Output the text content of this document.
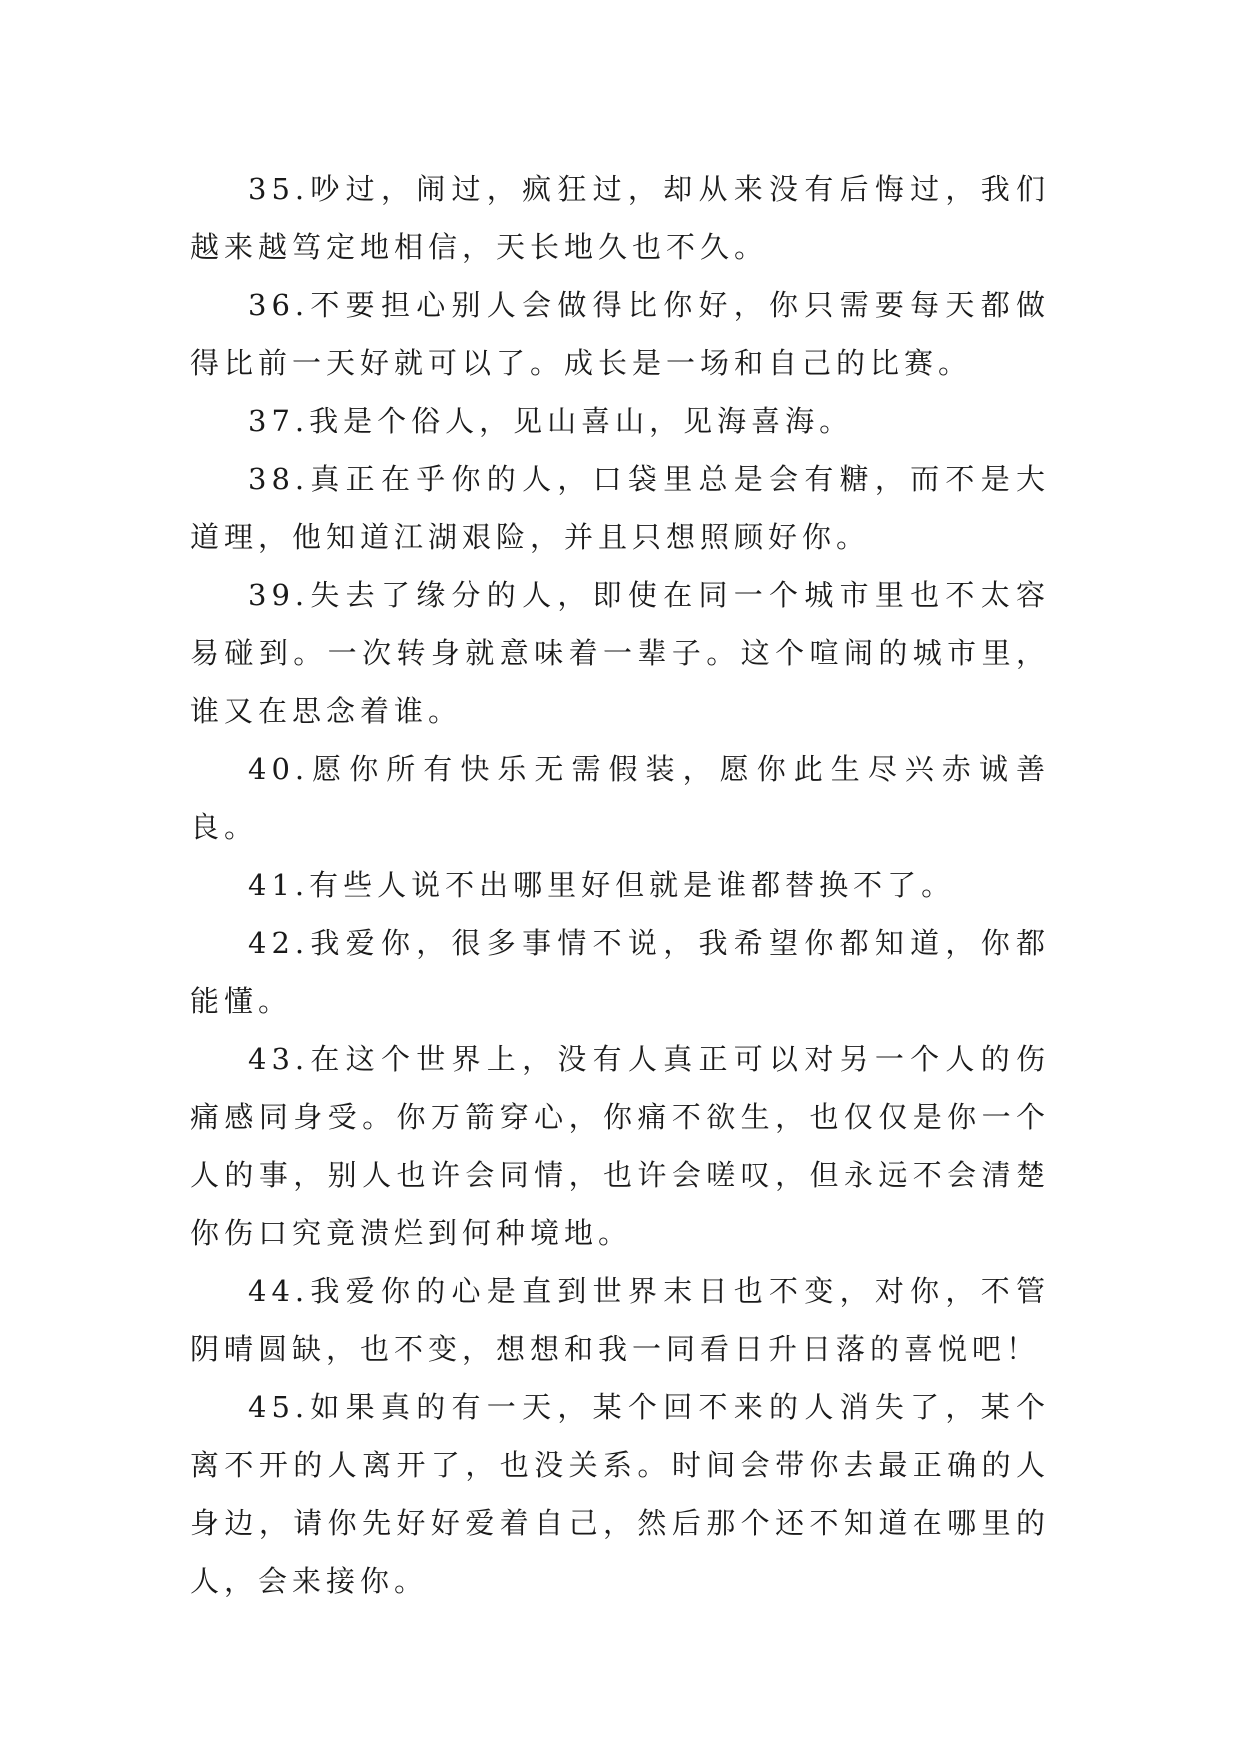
35.吵过，闹过，疯狂过，却从来没有后悔过，我们越来越笃定地相信，天长地久也不久。

36.不要担心别人会做得比你好，你只需要每天都做得比前一天好就可以了。成长是一场和自己的比赛。

37.我是个俗人，见山喜山，见海喜海。

38.真正在乎你的人，口袋里总是会有糖，而不是大道理，他知道江湖艰险，并且只想照顾好你。

39.失去了缘分的人，即使在同一个城市里也不太容易碰到。一次转身就意味着一辈子。这个喧闹的城市里，谁又在思念着谁。

40.愿你所有快乐无需假装，愿你此生尽兴赤诚善良。

41.有些人说不出哪里好但就是谁都替换不了。

42.我爱你，很多事情不说，我希望你都知道，你都能懂。

43.在这个世界上，没有人真正可以对另一个人的伤痛感同身受。你万箭穿心，你痛不欲生，也仅仅是你一个人的事，别人也许会同情，也许会嗟叹，但永远不会清楚你伤口究竟溃烂到何种境地。

44.我爱你的心是直到世界末日也不变，对你，不管阴晴圆缺，也不变，想想和我一同看日升日落的喜悦吧！

45.如果真的有一天，某个回不来的人消失了，某个离不开的人离开了，也没关系。时间会带你去最正确的人身边，请你先好好爱着自己，然后那个还不知道在哪里的人，会来接你。
